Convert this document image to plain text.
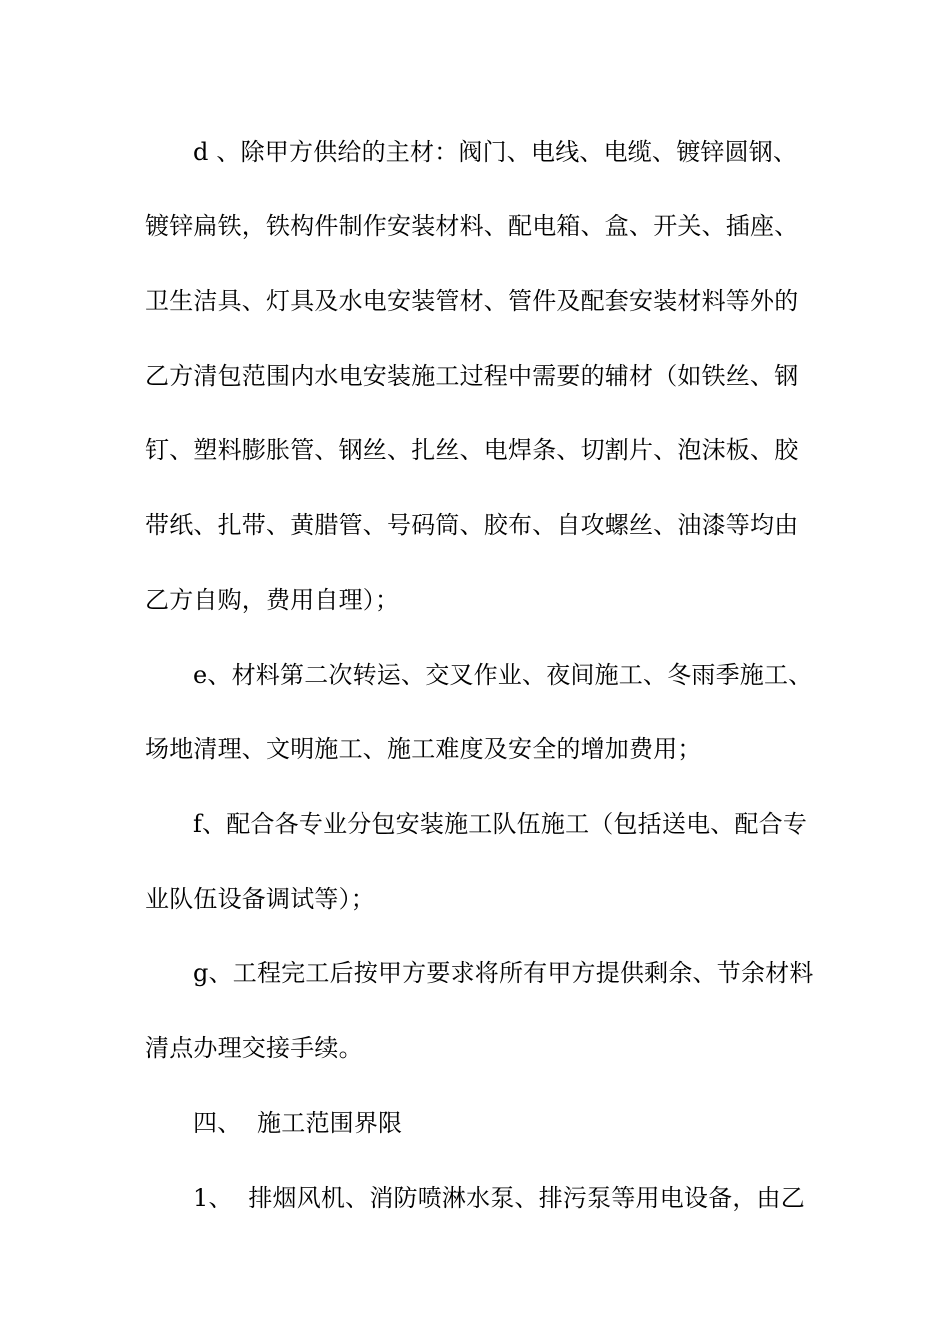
d 、除甲方供给的主材：阀门、电线、电缆、镀锌圆钢、
镀锌扁铁，铁构件制作安装材料、配电箱、盒、开关、插座、
卫生洁具、灯具及水电安装管材、管件及配套安装材料等外的
乙方清包范围内水电安装施工过程中需要的辅材（如铁丝、钢
钉、塑料膨胀管、钢丝、扎丝、电焊条、切割片、泡沫板、胶
带纸、扎带、黄腊管、号码筒、胶布、自攻螺丝、油漆等均由
乙方自购，费用自理）；
e、材料第二次转运、交叉作业、夜间施工、冬雨季施工、
场地清理、文明施工、施工难度及安全的增加费用；
f、配合各专业分包安装施工队伍施工（包括送电、配合专
业队伍设备调试等）；
g、工程完工后按甲方要求将所有甲方提供剩余、节余材料
清点办理交接手续。
四、  施工范围界限
1、  排烟风机、消防喷淋水泵、排污泵等用电设备，由乙
